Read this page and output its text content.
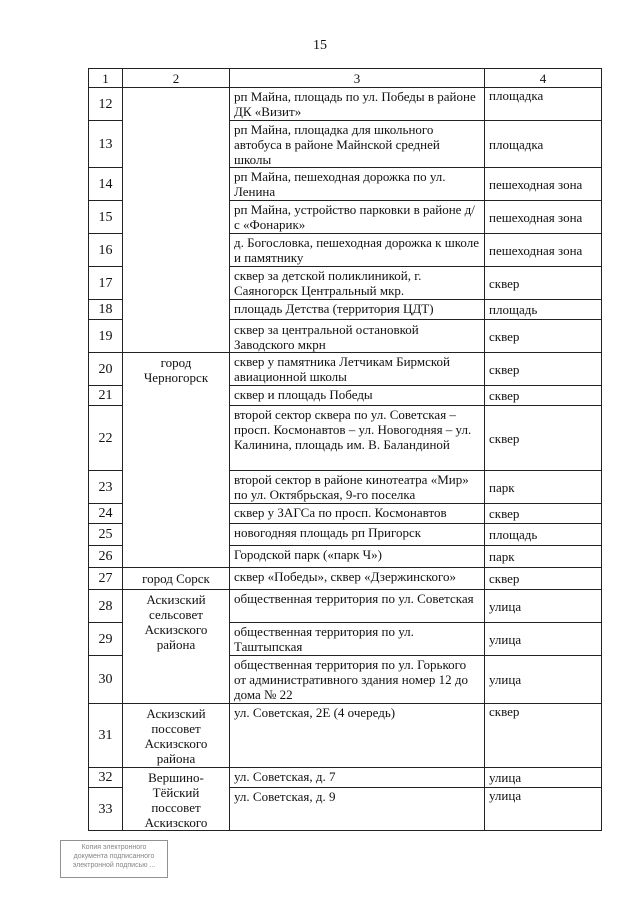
15
1	2	3	4
12		рп Майна, площадь по ул. Победы в районе ДК «Визит»	площадка
13		рп Майна, площадка для школьного автобуса в районе Майнской средней школы	площадка
14		рп Майна, пешеходная дорожка по ул. Ленина	пешеходная зона
15		рп Майна, устройство парковки в районе д/с «Фонарик»	пешеходная зона
16		д. Богословка, пешеходная дорожка к школе и памятнику	пешеходная зона
17		сквер за детской поликлиникой, г. Саяногорск Центральный мкр.	сквер
18		площадь Детства (территория ЦДТ)	площадь
19		сквер за центральной остановкой Заводского мкрн	сквер
20	город Черногорск	сквер у памятника Летчикам Бирмской авиационной школы	сквер
21		сквер и площадь Победы	сквер
22		второй сектор сквера по ул. Советская – просп. Космонавтов – ул. Новогодняя – ул. Калинина, площадь им. В. Баландиной	сквер
23		второй сектор в районе кинотеатра «Мир» по ул. Октябрьская, 9-го поселка	парк
24		сквер у ЗАГСа по просп. Космонавтов	сквер
25		новогодняя площадь рп Пригорск	площадь
26		Городской парк («парк Ч»)	парк
27	город Сорск	сквер «Победы», сквер «Дзержинского»	сквер
28	Аскизский сельсовет Аскизского района	общественная территория по ул. Советская	улица
29		общественная территория по ул. Таштыпская	улица
30		общественная территория по ул. Горького от административного здания номер 12 до дома № 22	улица
31	Аскизский поссовет Аскизского района	ул. Советская, 2Е (4 очередь)	сквер
32	Вершино-Тёйский поссовет Аскизского	ул. Советская, д. 7	улица
33		ул. Советская, д. 9	улица
Копия электронного документа подписанного электронной подписью ...
